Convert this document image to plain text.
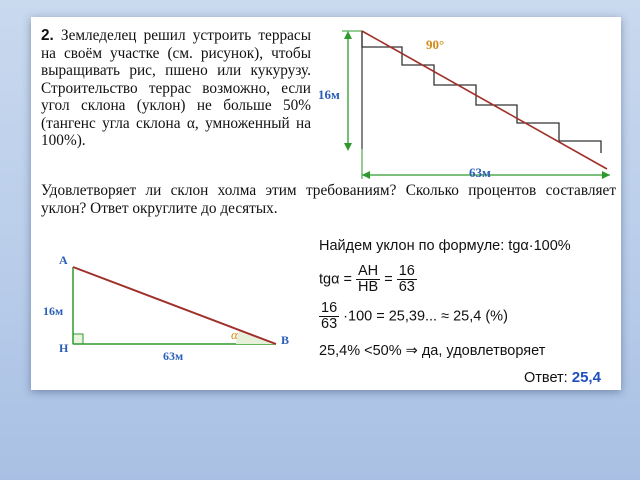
2. Земледелец решил устроить террасы на своём участке (см. рисунок), чтобы выращивать рис, пшено или кукурузу. Строительство террас возможно, если угол склона (уклон) не больше 50% (тангенс угла склона α, умноженный на 100%).
16м
90°
63м
Удовлетворяет ли склон холма этим требованиям? Сколько процентов составляет уклон? Ответ округлите до десятых.
A
B
H
16м
63м
α
Найдем уклон по формуле: tgα·100%
$tg\alpha = \frac{AH}{HB} = \frac{16}{63}$
$\frac{16}{63} \cdot 100 = 25,39$... ≈ 25,4 (%)
25,4% <50% ⇒ да, удовлетворяет
Ответ: 25,4
